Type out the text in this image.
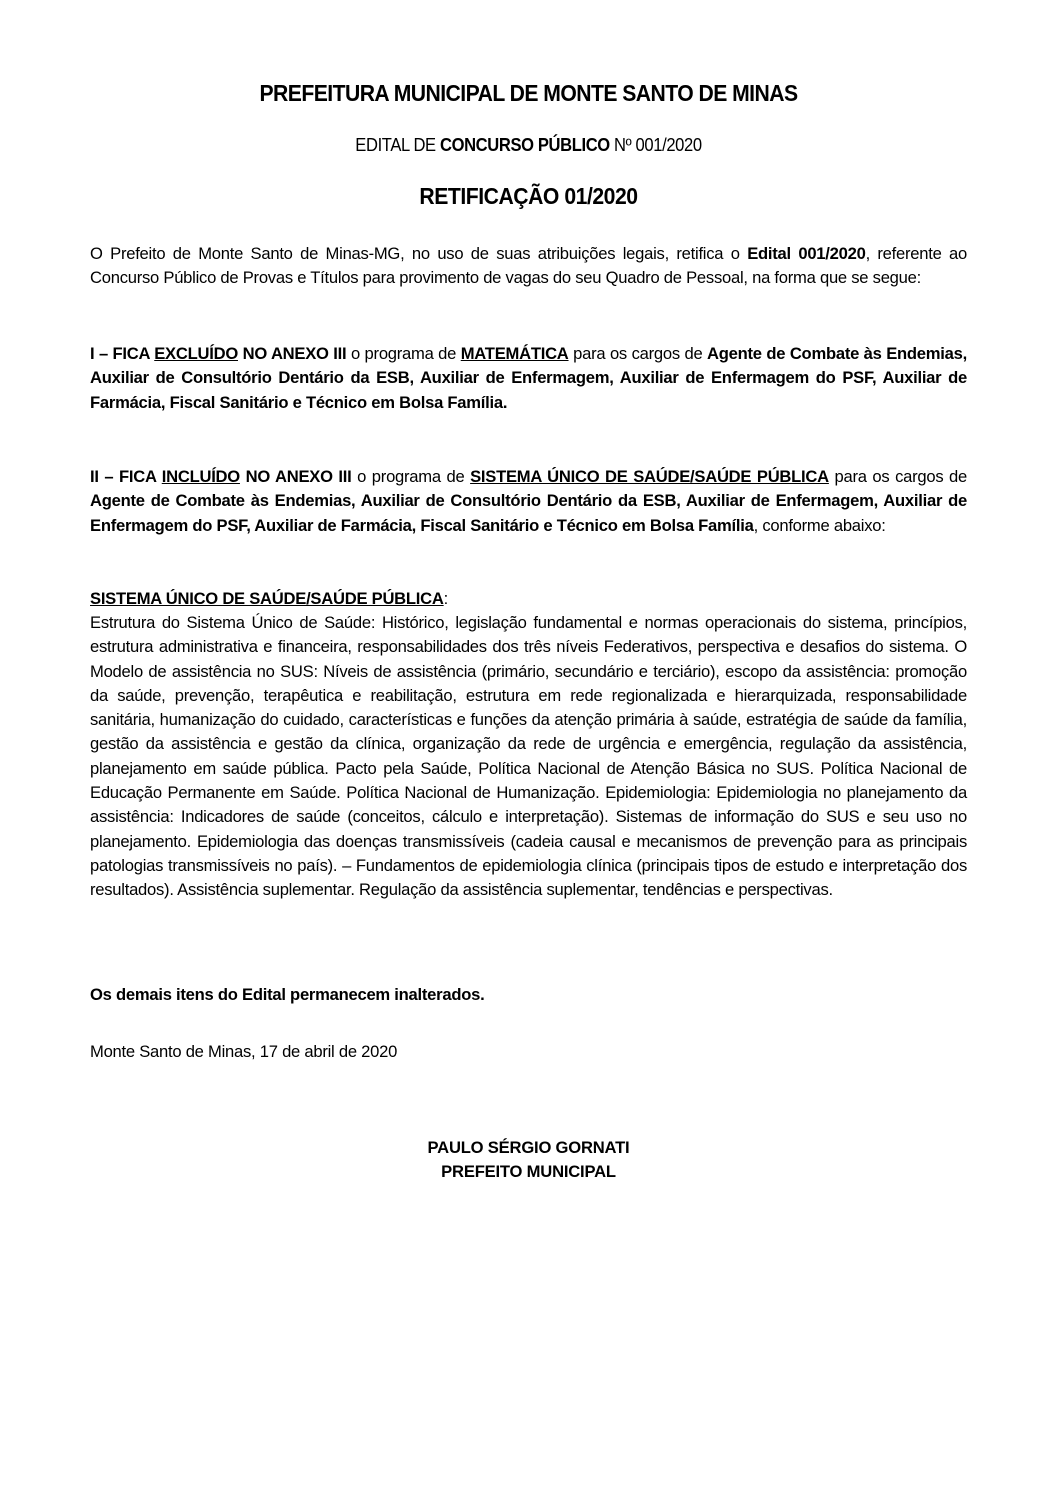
PREFEITURA MUNICIPAL DE MONTE SANTO DE MINAS
EDITAL DE CONCURSO PÚBLICO Nº 001/2020
RETIFICAÇÃO 01/2020
O Prefeito de Monte Santo de Minas-MG, no uso de suas atribuições legais, retifica o Edital 001/2020, referente ao Concurso Público de Provas e Títulos para provimento de vagas do seu Quadro de Pessoal, na forma que se segue:
I – FICA EXCLUÍDO NO ANEXO III o programa de MATEMÁTICA para os cargos de Agente de Combate às Endemias, Auxiliar de Consultório Dentário da ESB, Auxiliar de Enfermagem, Auxiliar de Enfermagem do PSF, Auxiliar de Farmácia, Fiscal Sanitário e Técnico em Bolsa Família.
II – FICA INCLUÍDO NO ANEXO III o programa de SISTEMA ÚNICO DE SAÚDE/SAÚDE PÚBLICA para os cargos de Agente de Combate às Endemias, Auxiliar de Consultório Dentário da ESB, Auxiliar de Enfermagem, Auxiliar de Enfermagem do PSF, Auxiliar de Farmácia, Fiscal Sanitário e Técnico em Bolsa Família, conforme abaixo:
SISTEMA ÚNICO DE SAÚDE/SAÚDE PÚBLICA:
Estrutura do Sistema Único de Saúde: Histórico, legislação fundamental e normas operacionais do sistema, princípios, estrutura administrativa e financeira, responsabilidades dos três níveis Federativos, perspectiva e desafios do sistema. O Modelo de assistência no SUS: Níveis de assistência (primário, secundário e terciário), escopo da assistência: promoção da saúde, prevenção, terapêutica e reabilitação, estrutura em rede regionalizada e hierarquizada, responsabilidade sanitária, humanização do cuidado, características e funções da atenção primária à saúde, estratégia de saúde da família, gestão da assistência e gestão da clínica, organização da rede de urgência e emergência, regulação da assistência, planejamento em saúde pública. Pacto pela Saúde, Política Nacional de Atenção Básica no SUS. Política Nacional de Educação Permanente em Saúde. Política Nacional de Humanização. Epidemiologia: Epidemiologia no planejamento da assistência: Indicadores de saúde (conceitos, cálculo e interpretação). Sistemas de informação do SUS e seu uso no planejamento. Epidemiologia das doenças transmissíveis (cadeia causal e mecanismos de prevenção para as principais patologias transmissíveis no país). – Fundamentos de epidemiologia clínica (principais tipos de estudo e interpretação dos resultados). Assistência suplementar. Regulação da assistência suplementar, tendências e perspectivas.
Os demais itens do Edital permanecem inalterados.
Monte Santo de Minas, 17 de abril de 2020
PAULO SÉRGIO GORNATI
PREFEITO MUNICIPAL
